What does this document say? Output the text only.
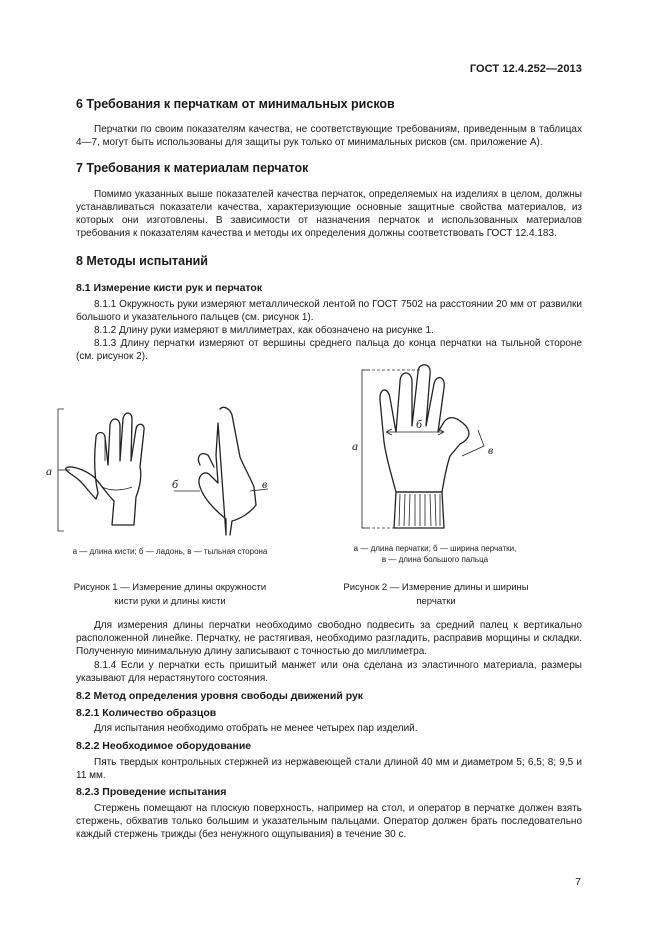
ГОСТ 12.4.252—2013
6 Требования к перчаткам от минимальных рисков
Перчатки по своим показателям качества, не соответствующие требованиям, приведенным в таблицах 4—7, могут быть использованы для защиты рук только от минимальных рисков (см. приложение А).
7 Требования к материалам перчаток
Помимо указанных выше показателей качества перчаток, определяемых на изделиях в целом, должны устанавливаться показатели качества, характеризующие основные защитные свойства материалов, из которых они изготовлены. В зависимости от назначения перчаток и использованных материалов требования к показателям качества и методы их определения должны соответствовать ГОСТ 12.4.183.
8 Методы испытаний
8.1 Измерение кисти рук и перчаток
8.1.1 Окружность руки измеряют металлической лентой по ГОСТ 7502 на расстоянии 20 мм от развилки большого и указательного пальцев (см. рисунок 1).
8.1.2 Длину руки измеряют в миллиметрах, как обозначено на рисунке 1.
8.1.3 Длину перчатки измеряют от вершины среднего пальца до конца перчатки на тыльной стороне (см. рисунок 2).
а
б	в
а — длина кисти; б — ладонь, в — тыльная сторона
Рисунок 1 — Измерение длины окружности
кисти руки и длины кисти
а
б
в
а — длина перчатки; б — ширина перчатки,
в — длина большого пальца
Рисунок 2 — Измерение длины и ширины
перчатки
Для измерения длины перчатки необходимо свободно подвесить за средний палец к вертикально расположенной линейке. Перчатку, не растягивая, необходимо разгладить, расправив морщины и складки. Полученную минимальную длину записывают с точностью до миллиметра.
8.1.4 Если у перчатки есть пришитый манжет или она сделана из эластичного материала, размеры указывают для нерастянутого состояния.
8.2 Метод определения уровня свободы движений рук
8.2.1 Количество образцов
Для испытания необходимо отобрать не менее четырех пар изделий.
8.2.2 Необходимое оборудование
Пять твердых контрольных стержней из нержавеющей стали длиной 40 мм и диаметром 5; 6,5; 8; 9,5 и 11 мм.
8.2.3 Проведение испытания
Стержень помещают на плоскую поверхность, например на стол, и оператор в перчатке должен взять стержень, обхватив только большим и указательным пальцами. Оператор должен брать последовательно каждый стержень трижды (без ненужного ощупывания) в течение 30 с.
7
